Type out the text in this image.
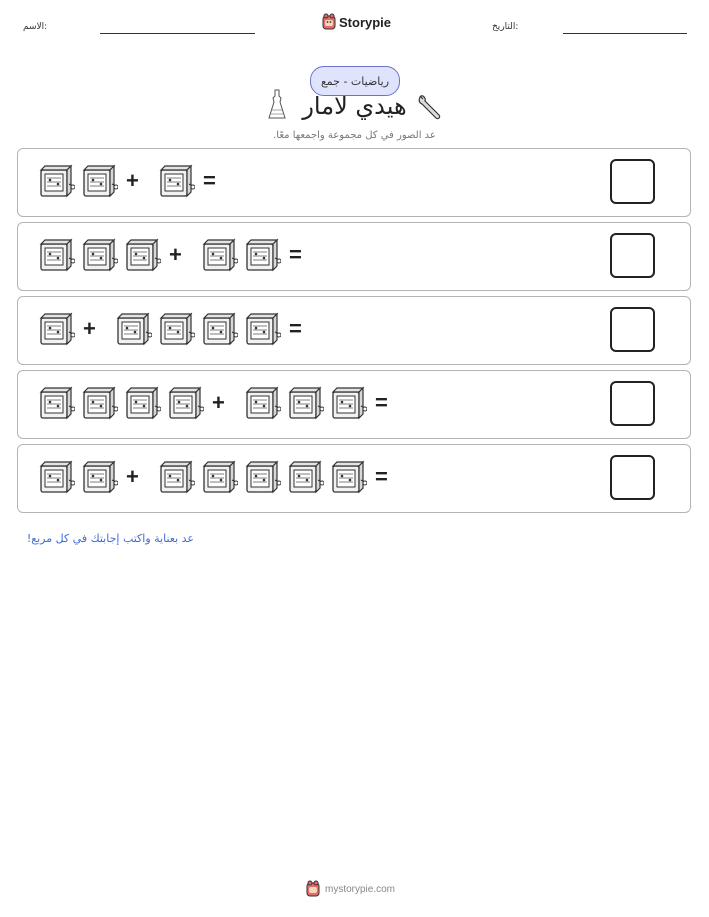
الاسم:	Storypie	التاريخ:
رياضيات - جمع
هيدي لامار
عد الصور في كل مجموعة واجمعها معًا.
+	=
+	=
+	=
+	=
+	=
عد بعناية واكتب إجابتك في كل مربع!
mystorypie.com
